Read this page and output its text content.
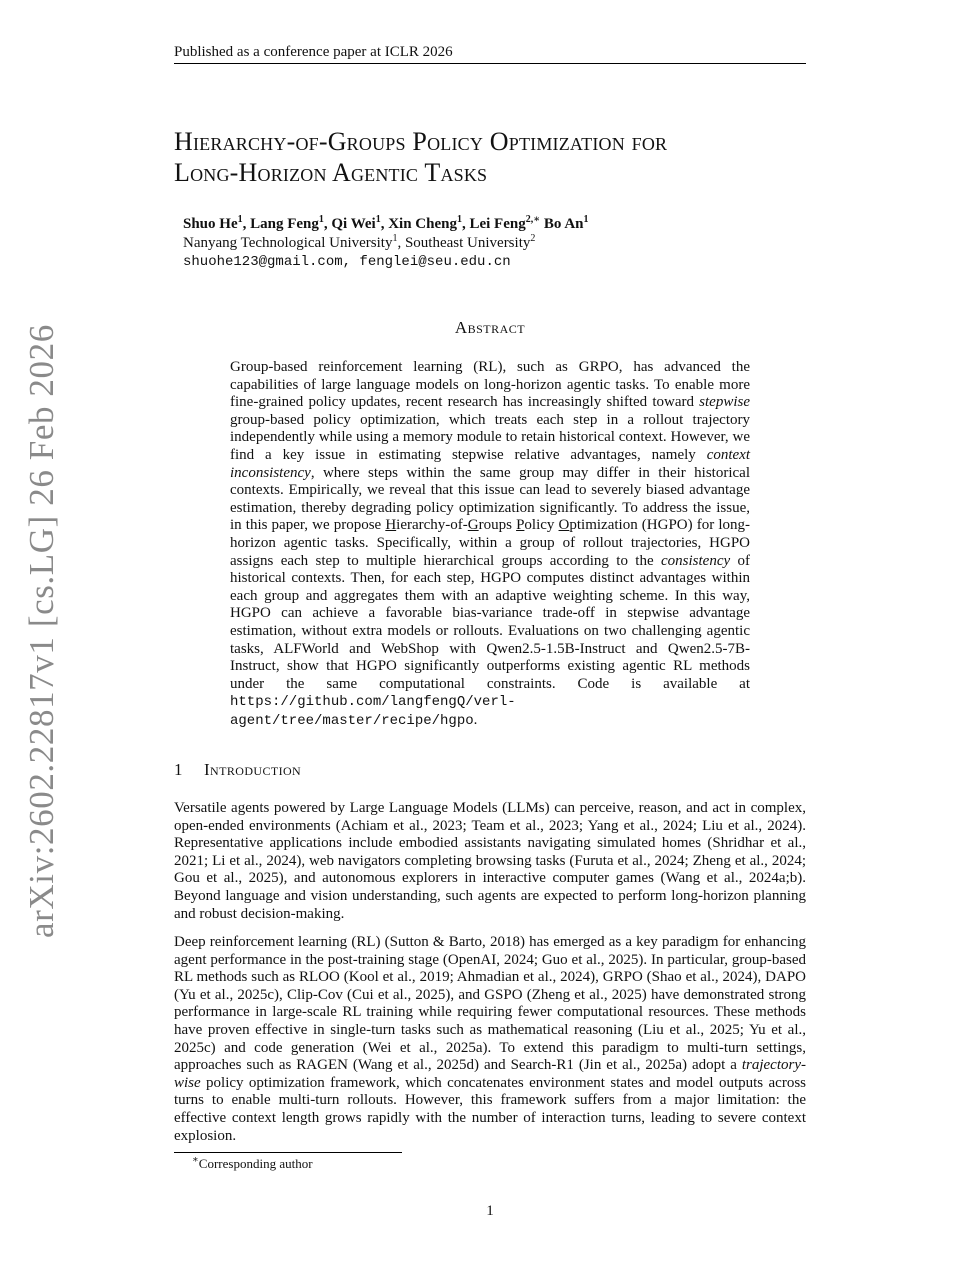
arXiv:2602.22817v1 [cs.LG] 26 Feb 2026
Published as a conference paper at ICLR 2026
Hierarchy-of-Groups Policy Optimization for
Long-Horizon Agentic Tasks
Shuo He$^1$, Lang Feng$^1$, Qi Wei$^1$, Xin Cheng$^1$, Lei Feng$^{2,∗}$ Bo An$^1$
Nanyang Technological University$^1$, Southeast University$^2$
shuohe123@gmail.com, fenglei@seu.edu.cn
Abstract
Group-based reinforcement learning (RL), such as GRPO, has advanced the capabilities of large language models on long-horizon agentic tasks. To enable more fine-grained policy updates, recent research has increasingly shifted toward stepwise group-based policy optimization, which treats each step in a rollout trajectory independently while using a memory module to retain historical context. However, we find a key issue in estimating stepwise relative advantages, namely context inconsistency, where steps within the same group may differ in their historical contexts. Empirically, we reveal that this issue can lead to severely biased advantage estimation, thereby degrading policy optimization significantly. To address the issue, in this paper, we propose Hierarchy-of-Groups Policy Optimization (HGPO) for long-horizon agentic tasks. Specifically, within a group of rollout trajectories, HGPO assigns each step to multiple hierarchical groups according to the consistency of historical contexts. Then, for each step, HGPO computes distinct advantages within each group and aggregates them with an adaptive weighting scheme. In this way, HGPO can achieve a favorable bias-variance trade-off in stepwise advantage estimation, without extra models or rollouts. Evaluations on two challenging agentic tasks, ALFWorld and WebShop with Qwen2.5-1.5B-Instruct and Qwen2.5-7B-Instruct, show that HGPO significantly outperforms existing agentic RL methods under the same computational constraints. Code is available at https://github.com/langfengQ/verl-agent/tree/master/recipe/hgpo.
1 Introduction
Versatile agents powered by Large Language Models (LLMs) can perceive, reason, and act in complex, open-ended environments (Achiam et al., 2023; Team et al., 2023; Yang et al., 2024; Liu et al., 2024). Representative applications include embodied assistants navigating simulated homes (Shridhar et al., 2021; Li et al., 2024), web navigators completing browsing tasks (Furuta et al., 2024; Zheng et al., 2024; Gou et al., 2025), and autonomous explorers in interactive computer games (Wang et al., 2024a;b). Beyond language and vision understanding, such agents are expected to perform long-horizon planning and robust decision-making.
Deep reinforcement learning (RL) (Sutton & Barto, 2018) has emerged as a key paradigm for enhancing agent performance in the post-training stage (OpenAI, 2024; Guo et al., 2025). In particular, group-based RL methods such as RLOO (Kool et al., 2019; Ahmadian et al., 2024), GRPO (Shao et al., 2024), DAPO (Yu et al., 2025c), Clip-Cov (Cui et al., 2025), and GSPO (Zheng et al., 2025) have demonstrated strong performance in large-scale RL training while requiring fewer computational resources. These methods have proven effective in single-turn tasks such as mathematical reasoning (Liu et al., 2025; Yu et al., 2025c) and code generation (Wei et al., 2025a). To extend this paradigm to multi-turn settings, approaches such as RAGEN (Wang et al., 2025d) and Search-R1 (Jin et al., 2025a) adopt a trajectory-wise policy optimization framework, which concatenates environment states and model outputs across turns to enable multi-turn rollouts. However, this framework suffers from a major limitation: the effective context length grows rapidly with the number of interaction turns, leading to severe context explosion.
∗Corresponding author
1
